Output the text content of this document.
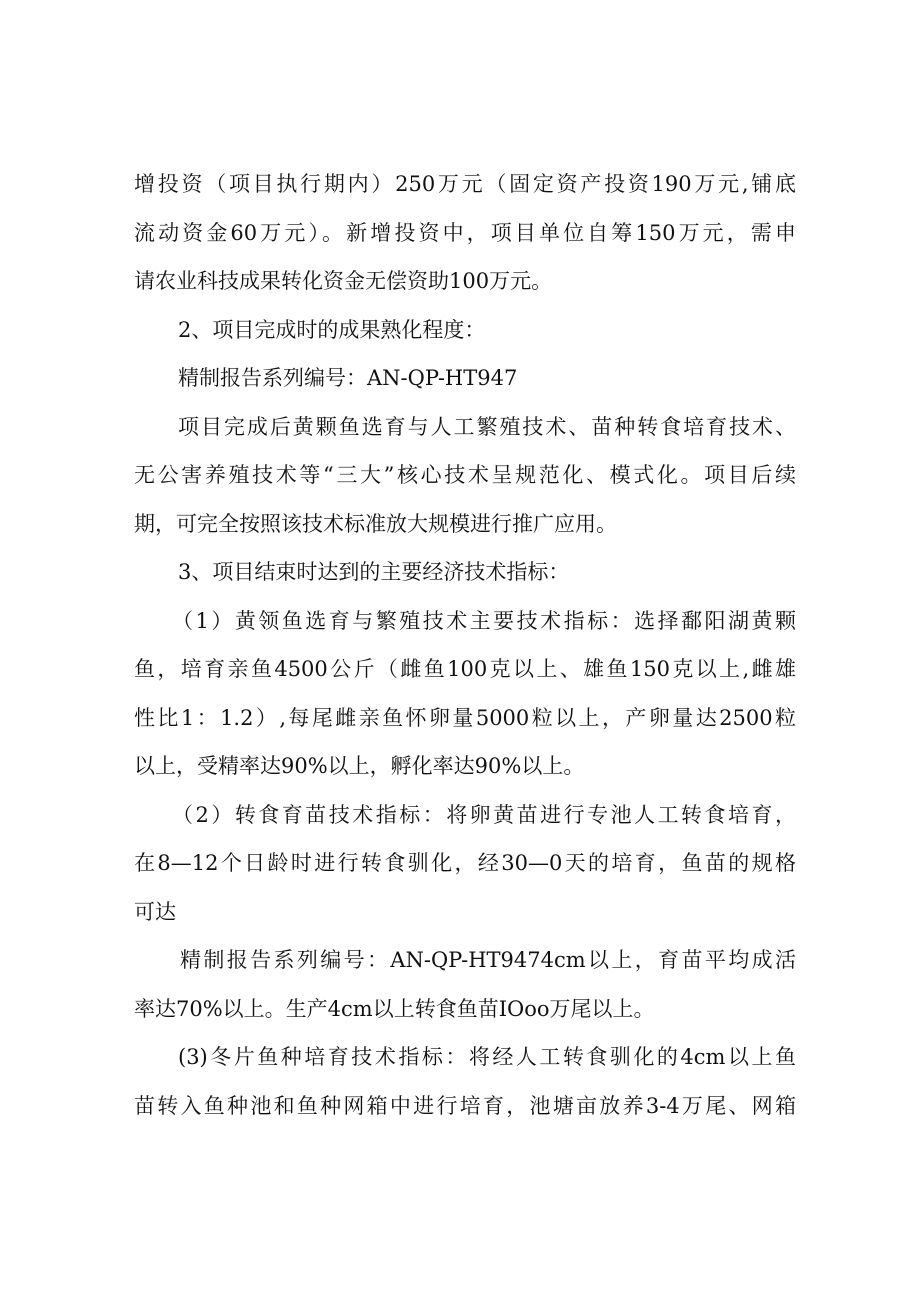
增投资（项目执行期内）250万元（固定资产投资190万元,铺底
流动资金60万元）。新增投资中，项目单位自筹150万元，需申
请农业科技成果转化资金无偿资助100万元。
2、项目完成时的成果熟化程度：
精制报告系列编号：AN-QP-HT947
项目完成后黄颗鱼选育与人工繁殖技术、苗种转食培育技术、
无公害养殖技术等“三大”核心技术呈规范化、模式化。项目后续
期，可完全按照该技术标准放大规模进行推广应用。
3、项目结束时达到的主要经济技术指标：
（1）黄领鱼选育与繁殖技术主要技术指标：选择鄱阳湖黄颗
鱼，培育亲鱼4500公斤（雌鱼100克以上、雄鱼150克以上,雌雄
性比1：1.2）,每尾雌亲鱼怀卵量5000粒以上，产卵量达2500粒
以上，受精率达90%以上，孵化率达90%以上。
（2）转食育苗技术指标：将卵黄苗进行专池人工转食培育，
在8—12个日龄时进行转食驯化，经30—0天的培育，鱼苗的规格
可达
精制报告系列编号：AN-QP-HT9474cm以上，育苗平均成活
率达70%以上。生产4cm以上转食鱼苗IOoo万尾以上。
(3)冬片鱼种培育技术指标：将经人工转食驯化的4cm以上鱼
苗转入鱼种池和鱼种网箱中进行培育，池塘亩放养3-4万尾、网箱
